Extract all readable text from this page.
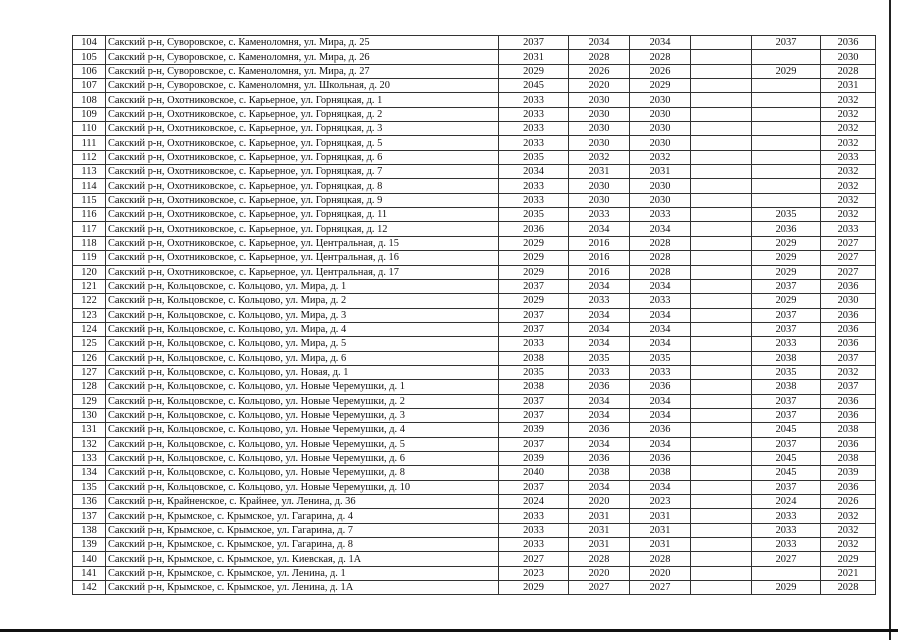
104	Сакский р-н, Суворовское, с. Каменоломня, ул. Мира, д. 25	2037	2034	2034		2037	2036
105	Сакский р-н, Суворовское, с. Каменоломня, ул. Мира, д. 26	2031	2028	2028			2030
106	Сакский р-н, Суворовское, с. Каменоломня, ул. Мира, д. 27	2029	2026	2026		2029	2028
107	Сакский р-н, Суворовское, с. Каменоломня, ул. Школьная, д. 20	2045	2020	2029			2031
108	Сакский р-н, Охотниковское, с. Карьерное, ул. Горняцкая, д. 1	2033	2030	2030			2032
109	Сакский р-н, Охотниковское, с. Карьерное, ул. Горняцкая, д. 2	2033	2030	2030			2032
110	Сакский р-н, Охотниковское, с. Карьерное, ул. Горняцкая, д. 3	2033	2030	2030			2032
111	Сакский р-н, Охотниковское, с. Карьерное, ул. Горняцкая, д. 5	2033	2030	2030			2032
112	Сакский р-н, Охотниковское, с. Карьерное, ул. Горняцкая, д. 6	2035	2032	2032			2033
113	Сакский р-н, Охотниковское, с. Карьерное, ул. Горняцкая, д. 7	2034	2031	2031			2032
114	Сакский р-н, Охотниковское, с. Карьерное, ул. Горняцкая, д. 8	2033	2030	2030			2032
115	Сакский р-н, Охотниковское, с. Карьерное, ул. Горняцкая, д. 9	2033	2030	2030			2032
116	Сакский р-н, Охотниковское, с. Карьерное, ул. Горняцкая, д. 11	2035	2033	2033		2035	2032
117	Сакский р-н, Охотниковское, с. Карьерное, ул. Горняцкая, д. 12	2036	2034	2034		2036	2033
118	Сакский р-н, Охотниковское, с. Карьерное, ул. Центральная, д. 15	2029	2016	2028		2029	2027
119	Сакский р-н, Охотниковское, с. Карьерное, ул. Центральная, д. 16	2029	2016	2028		2029	2027
120	Сакский р-н, Охотниковское, с. Карьерное, ул. Центральная, д. 17	2029	2016	2028		2029	2027
121	Сакский р-н, Кольцовское, с. Кольцово, ул. Мира, д. 1	2037	2034	2034		2037	2036
122	Сакский р-н, Кольцовское, с. Кольцово, ул. Мира, д. 2	2029	2033	2033		2029	2030
123	Сакский р-н, Кольцовское, с. Кольцово, ул. Мира, д. 3	2037	2034	2034		2037	2036
124	Сакский р-н, Кольцовское, с. Кольцово, ул. Мира, д. 4	2037	2034	2034		2037	2036
125	Сакский р-н, Кольцовское, с. Кольцово, ул. Мира, д. 5	2033	2034	2034		2033	2036
126	Сакский р-н, Кольцовское, с. Кольцово, ул. Мира, д. 6	2038	2035	2035		2038	2037
127	Сакский р-н, Кольцовское, с. Кольцово, ул. Новая, д. 1	2035	2033	2033		2035	2032
128	Сакский р-н, Кольцовское, с. Кольцово, ул. Новые Черемушки, д. 1	2038	2036	2036		2038	2037
129	Сакский р-н, Кольцовское, с. Кольцово, ул. Новые Черемушки, д. 2	2037	2034	2034		2037	2036
130	Сакский р-н, Кольцовское, с. Кольцово, ул. Новые Черемушки, д. 3	2037	2034	2034		2037	2036
131	Сакский р-н, Кольцовское, с. Кольцово, ул. Новые Черемушки, д. 4	2039	2036	2036		2045	2038
132	Сакский р-н, Кольцовское, с. Кольцово, ул. Новые Черемушки, д. 5	2037	2034	2034		2037	2036
133	Сакский р-н, Кольцовское, с. Кольцово, ул. Новые Черемушки, д. 6	2039	2036	2036		2045	2038
134	Сакский р-н, Кольцовское, с. Кольцово, ул. Новые Черемушки, д. 8	2040	2038	2038		2045	2039
135	Сакский р-н, Кольцовское, с. Кольцово, ул. Новые Черемушки, д. 10	2037	2034	2034		2037	2036
136	Сакский р-н, Крайненское, с. Крайнее, ул. Ленина, д. 36	2024	2020	2023		2024	2026
137	Сакский р-н, Крымское, с. Крымское, ул. Гагарина, д. 4	2033	2031	2031		2033	2032
138	Сакский р-н, Крымское, с. Крымское, ул. Гагарина, д. 7	2033	2031	2031		2033	2032
139	Сакский р-н, Крымское, с. Крымское, ул. Гагарина, д. 8	2033	2031	2031		2033	2032
140	Сакский р-н, Крымское, с. Крымское, ул. Киевская, д. 1А	2027	2028	2028		2027	2029
141	Сакский р-н, Крымское, с. Крымское, ул. Ленина, д. 1	2023	2020	2020			2021
142	Сакский р-н, Крымское, с. Крымское, ул. Ленина, д. 1А	2029	2027	2027		2029	2028
